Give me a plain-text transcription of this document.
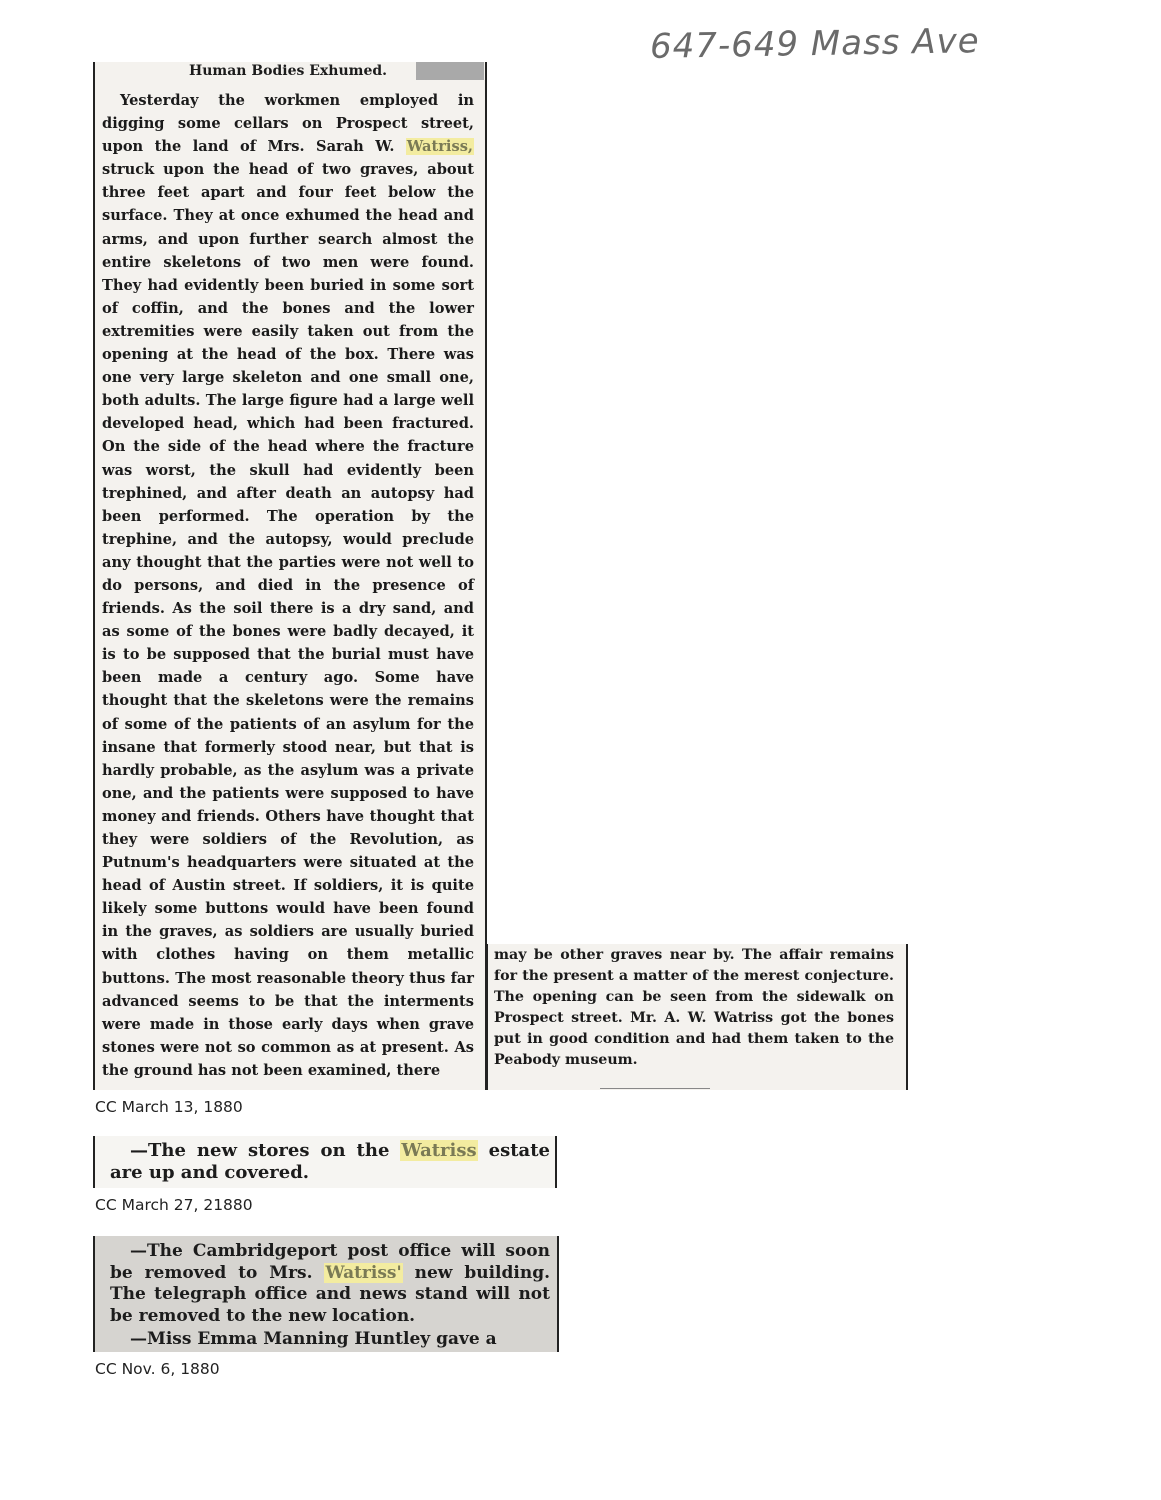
647-649 Mass Ave
Human Bodies Exhumed.
Yesterday the workmen employed in digging some cellars on Prospect street, upon the land of Mrs. Sarah W. Watriss, struck upon the head of two graves, about three feet apart and four feet below the surface. They at once exhumed the head and arms, and upon further search almost the entire skeletons of two men were found. They had evidently been buried in some sort of coffin, and the bones and the lower extremities were easily taken out from the opening at the head of the box. There was one very large skeleton and one small one, both adults. The large figure had a large well developed head, which had been fractured. On the side of the head where the fracture was worst, the skull had evidently been trephined, and after death an autopsy had been performed. The operation by the trephine, and the autopsy, would preclude any thought that the parties were not well to do persons, and died in the presence of friends. As the soil there is a dry sand, and as some of the bones were badly decayed, it is to be supposed that the burial must have been made a century ago. Some have thought that the skeletons were the remains of some of the patients of an asylum for the insane that formerly stood near, but that is hardly probable, as the asylum was a private one, and the patients were supposed to have money and friends. Others have thought that they were soldiers of the Revolution, as Putnum's headquarters were situated at the head of Austin street. If soldiers, it is quite likely some buttons would have been found in the graves, as soldiers are usually buried with clothes having on them metallic buttons. The most reasonable theory thus far advanced seems to be that the interments were made in those early days when grave stones were not so common as at present. As the ground has not been examined, there
may be other graves near by. The affair remains for the present a matter of the merest conjecture. The opening can be seen from the sidewalk on Prospect street. Mr. A. W. Watriss got the bones put in good condition and had them taken to the Peabody museum.
CC March 13, 1880
—The new stores on the Watriss estate are up and covered.
CC March 27, 21880
—The Cambridgeport post office will soon be removed to Mrs. Watriss' new building. The telegraph office and news stand will not be removed to the new location.
—Miss Emma Manning Huntley gave a
CC Nov. 6, 1880
